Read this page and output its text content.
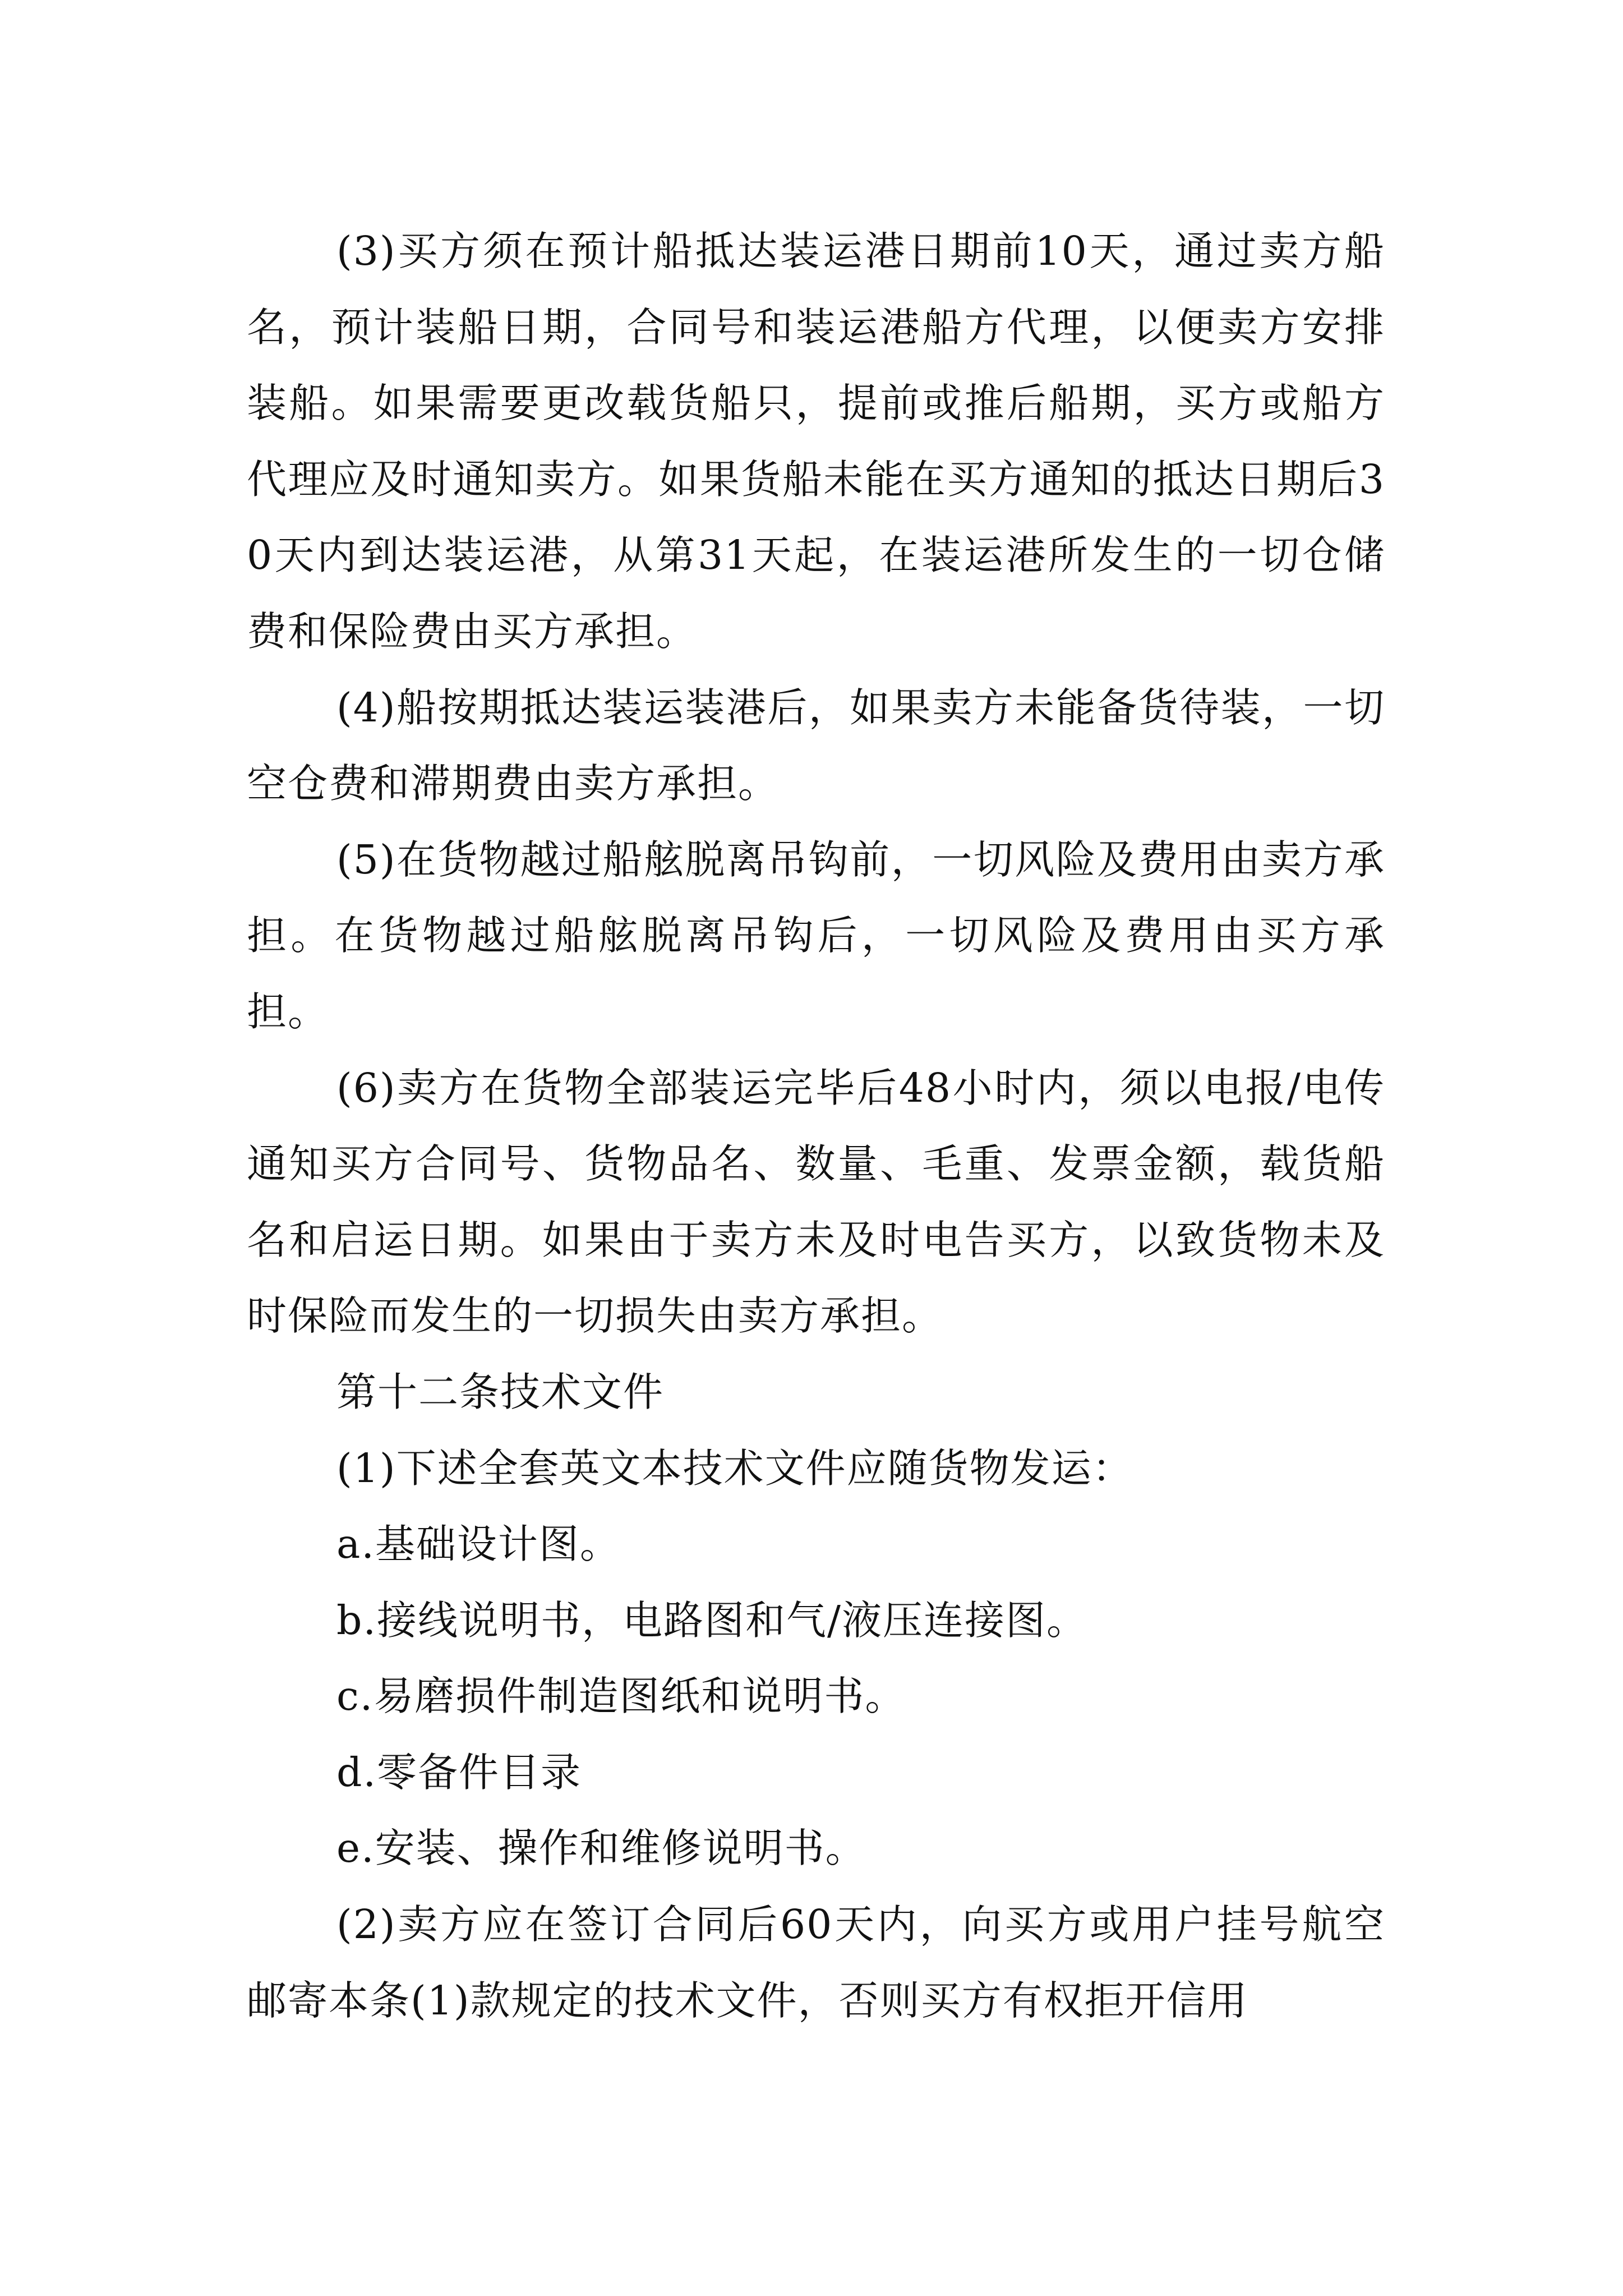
(3)买方须在预计船抵达装运港日期前10天，通过卖方船名，预计装船日期，合同号和装运港船方代理，以便卖方安排装船。如果需要更改载货船只，提前或推后船期，买方或船方代理应及时通知卖方。如果货船未能在买方通知的抵达日期后30天内到达装运港，从第31天起，在装运港所发生的一切仓储费和保险费由买方承担。

(4)船按期抵达装运装港后，如果卖方未能备货待装，一切空仓费和滞期费由卖方承担。

(5)在货物越过船舷脱离吊钩前，一切风险及费用由卖方承担。在货物越过船舷脱离吊钩后，一切风险及费用由买方承担。

(6)卖方在货物全部装运完毕后48小时内，须以电报/电传通知买方合同号、货物品名、数量、毛重、发票金额，载货船名和启运日期。如果由于卖方未及时电告买方，以致货物未及时保险而发生的一切损失由卖方承担。

第十二条技术文件

(1)下述全套英文本技术文件应随货物发运：

a.基础设计图。

b.接线说明书，电路图和气/液压连接图。

c.易磨损件制造图纸和说明书。

d.零备件目录

e.安装、操作和维修说明书。

(2)卖方应在签订合同后60天内，向买方或用户挂号航空邮寄本条(1)款规定的技术文件，否则买方有权拒开信用
